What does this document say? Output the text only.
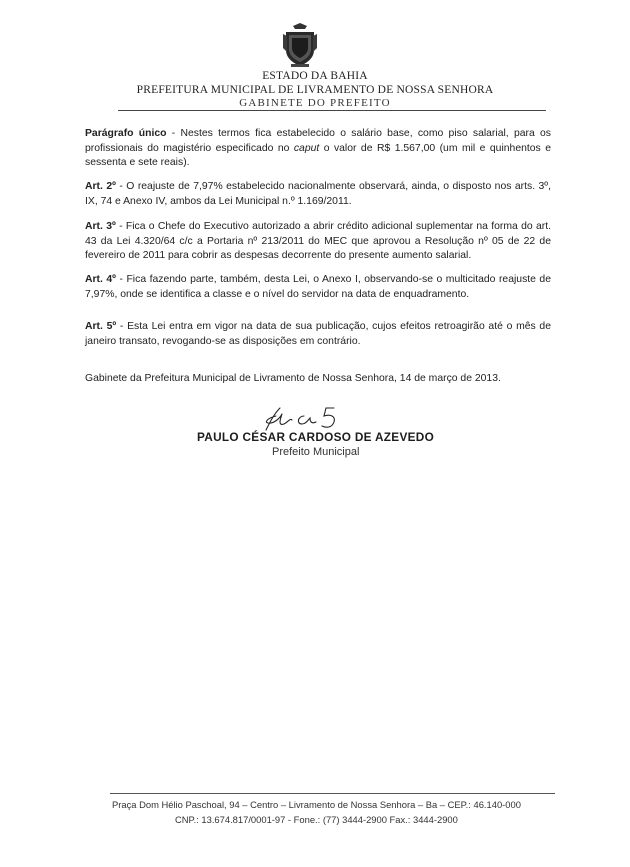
ESTADO DA BAHIA
PREFEITURA MUNICIPAL DE LIVRAMENTO DE NOSSA SENHORA
GABINETE DO PREFEITO
Parágrafo único - Nestes termos fica estabelecido o salário base, como piso salarial, para os profissionais do magistério especificado no caput o valor de R$ 1.567,00 (um mil e quinhentos e sessenta e sete reais).
Art. 2º - O reajuste de 7,97% estabelecido nacionalmente observará, ainda, o disposto nos arts. 3º, IX, 74 e Anexo IV, ambos da Lei Municipal n.º 1.169/2011.
Art. 3º - Fica o Chefe do Executivo autorizado a abrir crédito adicional suplementar na forma do art. 43 da Lei 4.320/64 c/c a Portaria nº 213/2011 do MEC que aprovou a Resolução nº 05 de 22 de fevereiro de 2011 para cobrir as despesas decorrente do presente aumento salarial.
Art. 4º - Fica fazendo parte, também, desta Lei, o Anexo I, observando-se o multicitado reajuste de 7,97%, onde se identifica a classe e o nível do servidor na data de enquadramento.
Art. 5º - Esta Lei entra em vigor na data de sua publicação, cujos efeitos retroagirão até o mês de janeiro transato, revogando-se as disposições em contrário.
Gabinete da Prefeitura Municipal de Livramento de Nossa Senhora, 14 de março de 2013.
PAULO CÉSAR CARDOSO DE AZEVEDO
Prefeito Municipal
Praça Dom Hélio Paschoal, 94 – Centro – Livramento de Nossa Senhora – Ba – CEP.: 46.140-000
CNP.: 13.674.817/0001-97 - Fone.: (77) 3444-2900 Fax.: 3444-2900
